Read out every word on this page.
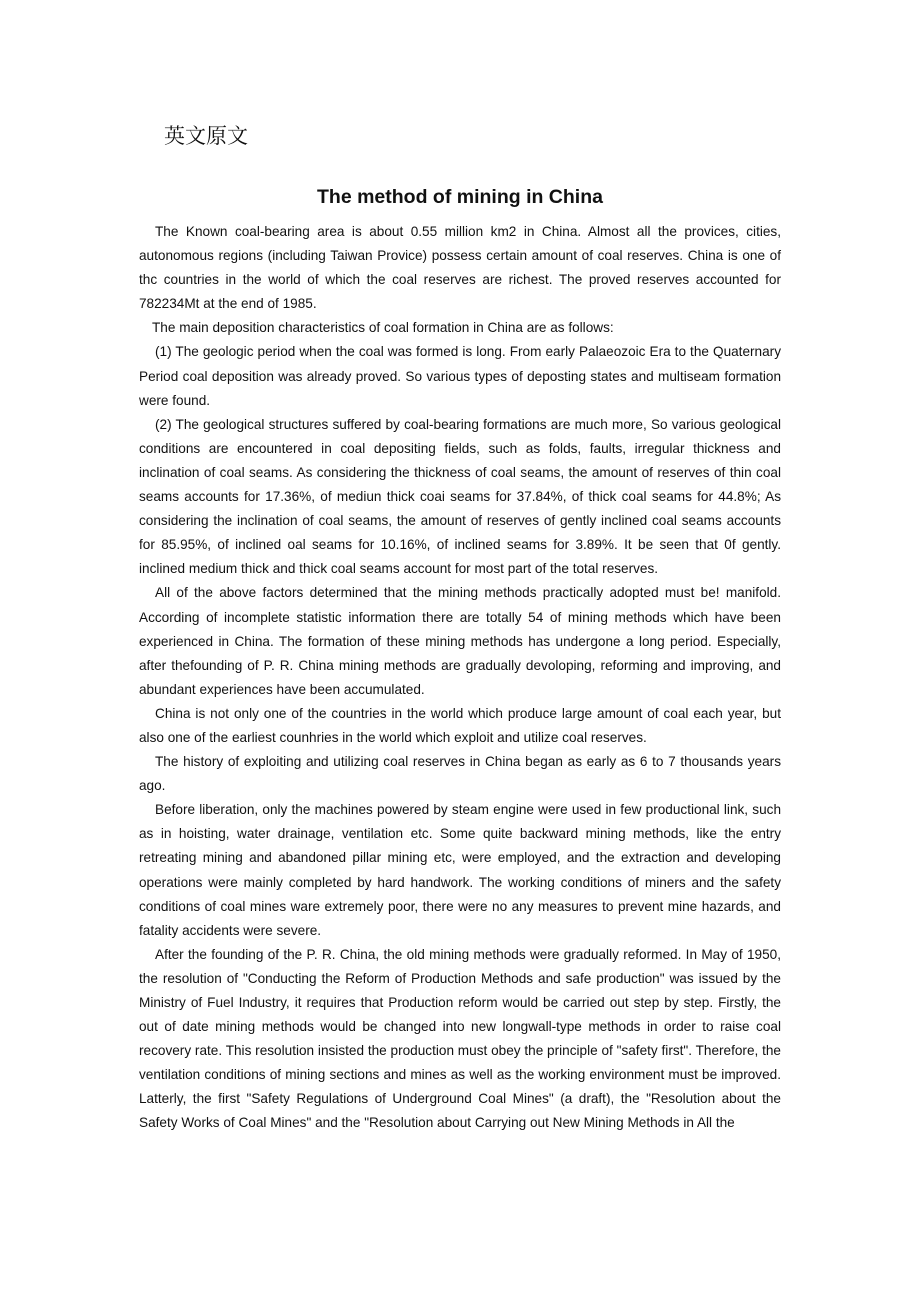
英文原文
The method of mining in China

The Known coal-bearing area is about 0.55 million km2 in China. Almost all the provices, cities, autonomous regions (including Taiwan Provice) possess certain amount of coal reserves. China is one of thc countries in the world of which the coal reserves are richest. The proved reserves accounted for 782234Mt at the end of 1985.

The main deposition characteristics of coal formation in China are as follows:

(1) The geologic period when the coal was formed is long. From early Palaeozoic Era to the Quaternary Period coal deposition was already proved. So various types of deposting states and multiseam formation were found.

(2) The geological structures suffered by coal-bearing formations are much more, So various geological conditions are encountered in coal depositing fields, such as folds, faults, irregular thickness and inclination of coal seams. As considering the thickness of coal seams, the amount of reserves of thin coal seams accounts for 17.36%, of mediun thick coai seams for 37.84%, of thick coal seams for 44.8%; As considering the inclination of coal seams, the amount of reserves of gently inclined coal seams accounts for 85.95%, of inclined oal seams for 10.16%, of inclined seams for 3.89%. It be seen that 0f gently. inclined medium thick and thick coal seams account for most part of the total reserves.

All of the above factors determined that the mining methods practically adopted must be! manifold. According of incomplete statistic information there are totally 54 of mining methods which have been experienced in China. The formation of these mining methods has undergone a long period. Especially, after thefounding of P. R. China mining methods are gradually devoloping, reforming and improving, and abundant experiences have been accumulated.

China is not only one of the countries in the world which produce large amount of coal each year, but also one of the earliest counhries in the world which exploit and utilize coal reserves.

The history of exploiting and utilizing coal reserves in China began as early as 6 to 7 thousands years ago.

Before liberation, only the machines powered by steam engine were used in few productional link, such as in hoisting, water drainage, ventilation etc. Some quite backward mining methods, like the entry retreating mining and abandoned pillar mining etc, were employed, and the extraction and developing operations were mainly completed by hard handwork. The working conditions of miners and the safety conditions of coal mines ware extremely poor, there were no any measures to prevent mine hazards, and fatality accidents were severe.

After the founding of the P. R. China, the old mining methods were gradually reformed. In May of 1950, the resolution of "Conducting the Reform of Production Methods and safe production" was issued by the Ministry of Fuel Industry, it requires that Production reform would be carried out step by step. Firstly, the out of date mining methods would be changed into new longwall-type methods in order to raise coal recovery rate. This resolution insisted the production must obey the principle of "safety first". Therefore, the ventilation conditions of mining sections and mines as well as the working environment must be improved. Latterly, the first "Safety Regulations of Underground Coal Mines" (a draft), the "Resolution about the Safety Works of Coal Mines" and the "Resolution about Carrying out New Mining Methods in All the
